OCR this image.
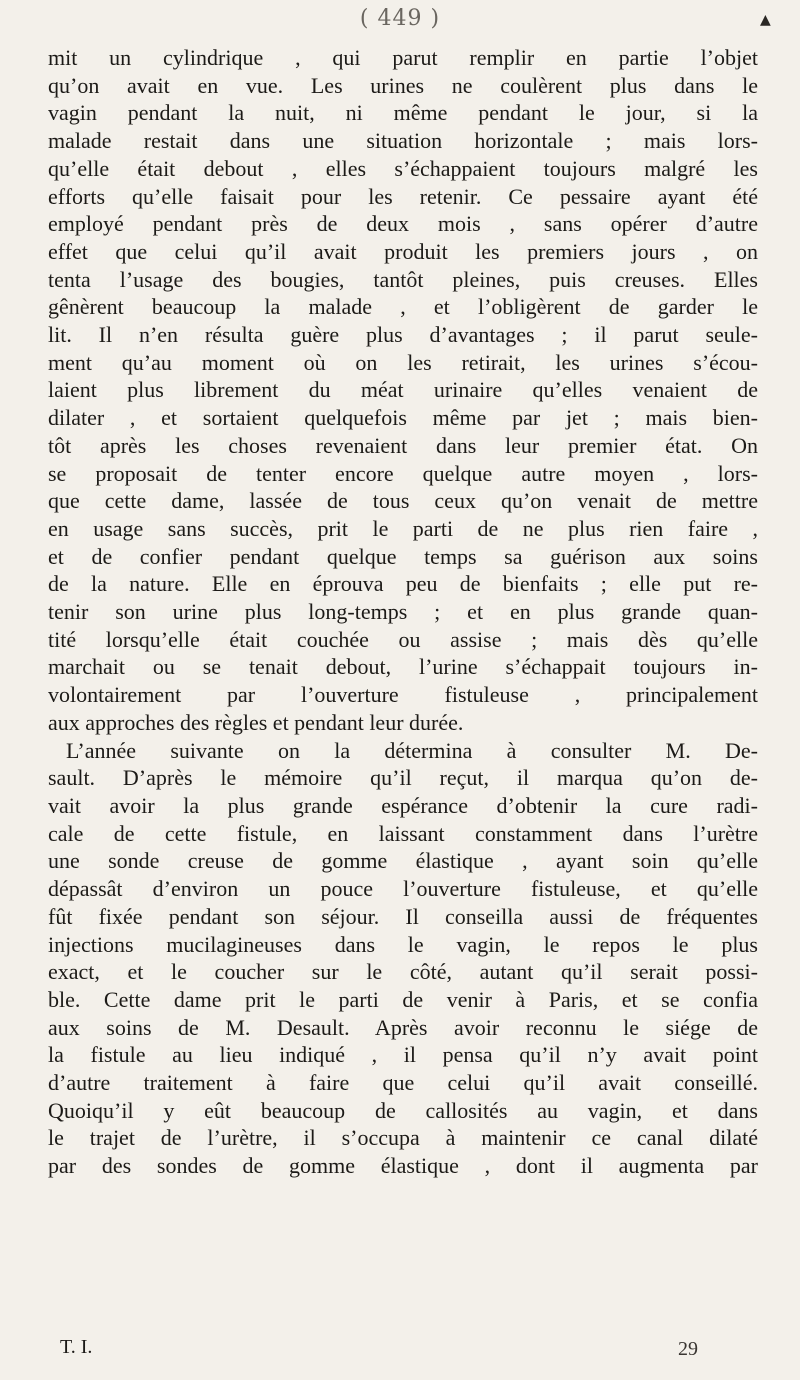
( 449 )	▲
mit un cylindrique , qui parut remplir en partie l’objet
qu’on avait en vue. Les urines ne coulèrent plus dans le
vagin pendant la nuit, ni même pendant le jour, si la
malade restait dans une situation horizontale ; mais lors-
qu’elle était debout , elles s’échappaient toujours malgré les
efforts qu’elle faisait pour les retenir. Ce pessaire ayant été
employé pendant près de deux mois , sans opérer d’autre
effet que celui qu’il avait produit les premiers jours , on
tenta l’usage des bougies, tantôt pleines, puis creuses. Elles
gênèrent beaucoup la malade , et l’obligèrent de garder le
lit. Il n’en résulta guère plus d’avantages ; il parut seule-
ment qu’au moment où on les retirait, les urines s’écou-
laient plus librement du méat urinaire qu’elles venaient de
dilater , et sortaient quelquefois même par jet ; mais bien-
tôt après les choses revenaient dans leur premier état. On
se proposait de tenter encore quelque autre moyen , lors-
que cette dame, lassée de tous ceux qu’on venait de mettre
en usage sans succès, prit le parti de ne plus rien faire ,
et de confier pendant quelque temps sa guérison aux soins
de la nature. Elle en éprouva peu de bienfaits ; elle put re-
tenir son urine plus long-temps ; et en plus grande quan-
tité lorsqu’elle était couchée ou assise ; mais dès qu’elle
marchait ou se tenait debout, l’urine s’échappait toujours in-
volontairement par l’ouverture fistuleuse , principalement
aux approches des règles et pendant leur durée.
L’année suivante on la détermina à consulter M. De-
sault. D’après le mémoire qu’il reçut, il marqua qu’on de-
vait avoir la plus grande espérance d’obtenir la cure radi-
cale de cette fistule, en laissant constamment dans l’urètre
une sonde creuse de gomme élastique , ayant soin qu’elle
dépassât d’environ un pouce l’ouverture fistuleuse, et qu’elle
fût fixée pendant son séjour. Il conseilla aussi de fréquentes
injections mucilagineuses dans le vagin, le repos le plus
exact, et le coucher sur le côté, autant qu’il serait possi-
ble. Cette dame prit le parti de venir à Paris, et se confia
aux soins de M. Desault. Après avoir reconnu le siége de
la fistule au lieu indiqué , il pensa qu’il n’y avait point
d’autre traitement à faire que celui qu’il avait conseillé.
Quoiqu’il y eût beaucoup de callosités au vagin, et dans
le trajet de l’urètre, il s’occupa à maintenir ce canal dilaté
par des sondes de gomme élastique , dont il augmenta par
T. I.	29
